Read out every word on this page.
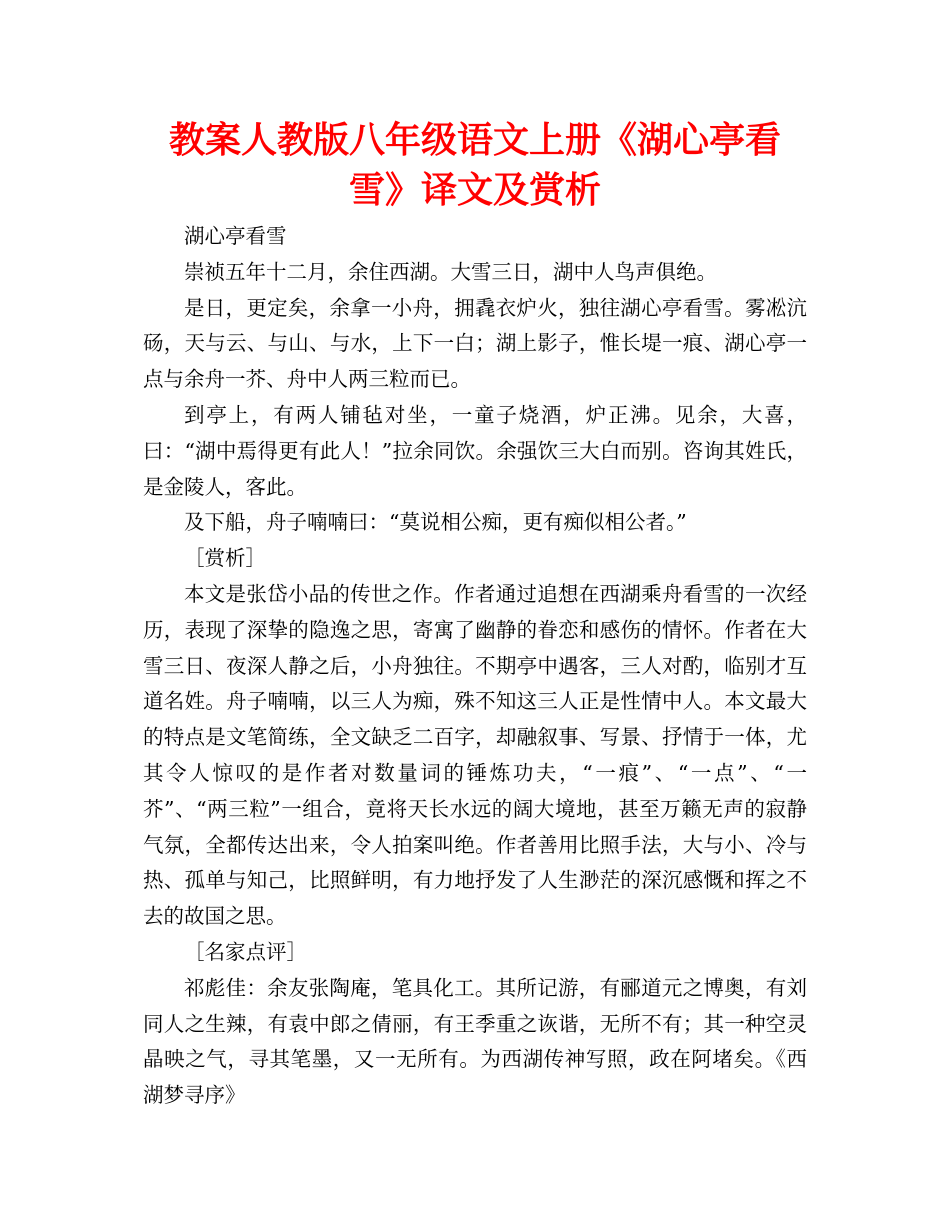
教案人教版八年级语文上册《湖心亭看雪》译文及赏析

湖心亭看雪

崇祯五年十二月，余住西湖。大雪三日，湖中人鸟声俱绝。

是日，更定矣，余拿一小舟，拥毳衣炉火，独往湖心亭看雪。雾凇沆砀，天与云、与山、与水，上下一白；湖上影子，惟长堤一痕、湖心亭一点与余舟一芥、舟中人两三粒而已。

到亭上，有两人铺毡对坐，一童子烧酒，炉正沸。见余，大喜，曰：“湖中焉得更有此人！”拉余同饮。余强饮三大白而别。咨询其姓氏，是金陵人，客此。

及下船，舟子喃喃曰：“莫说相公痴，更有痴似相公者。”

［赏析］

本文是张岱小品的传世之作。作者通过追想在西湖乘舟看雪的一次经历，表现了深挚的隐逸之思，寄寓了幽静的眷恋和感伤的情怀。作者在大雪三日、夜深人静之后，小舟独往。不期亭中遇客，三人对酌，临别才互道名姓。舟子喃喃，以三人为痴，殊不知这三人正是性情中人。本文最大的特点是文笔简练，全文缺乏二百字，却融叙事、写景、抒情于一体，尤其令人惊叹的是作者对数量词的锤炼功夫，“一痕”、“一点”、“一芥”、“两三粒”一组合，竟将天长水远的阔大境地，甚至万籁无声的寂静气氛，全都传达出来，令人拍案叫绝。作者善用比照手法，大与小、冷与热、孤单与知己，比照鲜明，有力地抒发了人生渺茫的深沉感慨和挥之不去的故国之思。

［名家点评］

祁彪佳：余友张陶庵，笔具化工。其所记游，有郦道元之博奥，有刘同人之生辣，有袁中郎之倩丽，有王季重之诙谐，无所不有；其一种空灵晶映之气，寻其笔墨，又一无所有。为西湖传神写照，政在阿堵矣。《西湖梦寻序》
